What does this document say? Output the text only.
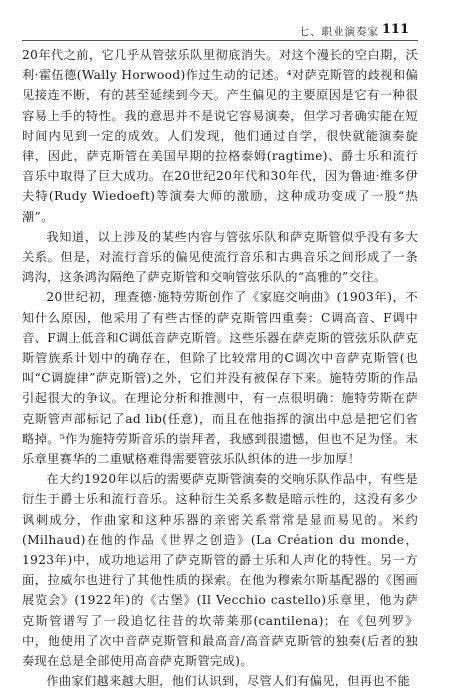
七、职业演奏家 111

20年代之前，它几乎从管弦乐队里彻底消失。对这个漫长的空白期，沃利·霍伍德(Wally Horwood)作过生动的记述。⁴对萨克斯管的歧视和偏见接连不断，有的甚至延续到今天。产生偏见的主要原因是它有一种很容易上手的特性。我的意思并不是说它容易演奏，但学习者确实能在短时间内见到一定的成效。人们发现，他们通过自学，很快就能演奏旋律，因此，萨克斯管在美国早期的拉格泰姆(ragtime)、爵士乐和流行音乐中取得了巨大成功。在20世纪20年代和30年代，因为鲁迪·维多伊夫特(Rudy Wiedoeft)等演奏大师的激励，这种成功变成了一股“热潮”。

我知道，以上涉及的某些内容与管弦乐队和萨克斯管似乎没有多大关系。但是，对流行音乐的偏见使流行音乐和古典音乐之间形成了一条鸿沟，这条鸿沟隔绝了萨克斯管和交响管弦乐队的“高雅的”交往。

20世纪初，理查德·施特劳斯创作了《家庭交响曲》(1903年)，不知什么原因，他采用了有些古怪的萨克斯管四重奏：C调高音、F调中音、F调上低音和C调低音萨克斯管。这些乐器在萨克斯的管弦乐队萨克斯管族系计划中的确存在，但除了比较常用的C调次中音萨克斯管(也叫“C调旋律”萨克斯管)之外，它们并没有被保存下来。施特劳斯的作品引起很大的争议。在理论分析和推测中，有一点很明确：施特劳斯在萨克斯管声部标记了ad lib(任意)，而且在他指挥的演出中总是把它们省略掉。⁵作为施特劳斯音乐的崇拜者，我感到很遗憾，但也不足为怪。末乐章里赛华的二重赋格难得需要管弦乐队织体的进一步加厚！

在大约1920年以后的需要萨克斯管演奏的交响乐队作品中，有些是衍生于爵士乐和流行音乐。这种衍生关系多数是暗示性的，这没有多少讽刺成分，作曲家和这种乐器的亲密关系常常是显而易见的。米约(Milhaud)在他的作品《世界之创造》(La Création du monde，1923年)中，成功地运用了萨克斯管的爵士乐和人声化的特性。另一方面，拉威尔也进行了其他性质的探索。在他为穆索尔斯基配器的《图画展览会》(1922年)的《古堡》(Il Vecchio castello)乐章里，他为萨克斯管谱写了一段追忆往昔的坎蒂莱那(cantilena)；在《包列罗》中，他使用了次中音萨克斯管和最高音/高音萨克斯管的独奏(后者的独奏现在总是全部使用高音萨克斯管完成)。

作曲家们越来越大胆，他们认识到，尽管人们有偏见，但再也不能
